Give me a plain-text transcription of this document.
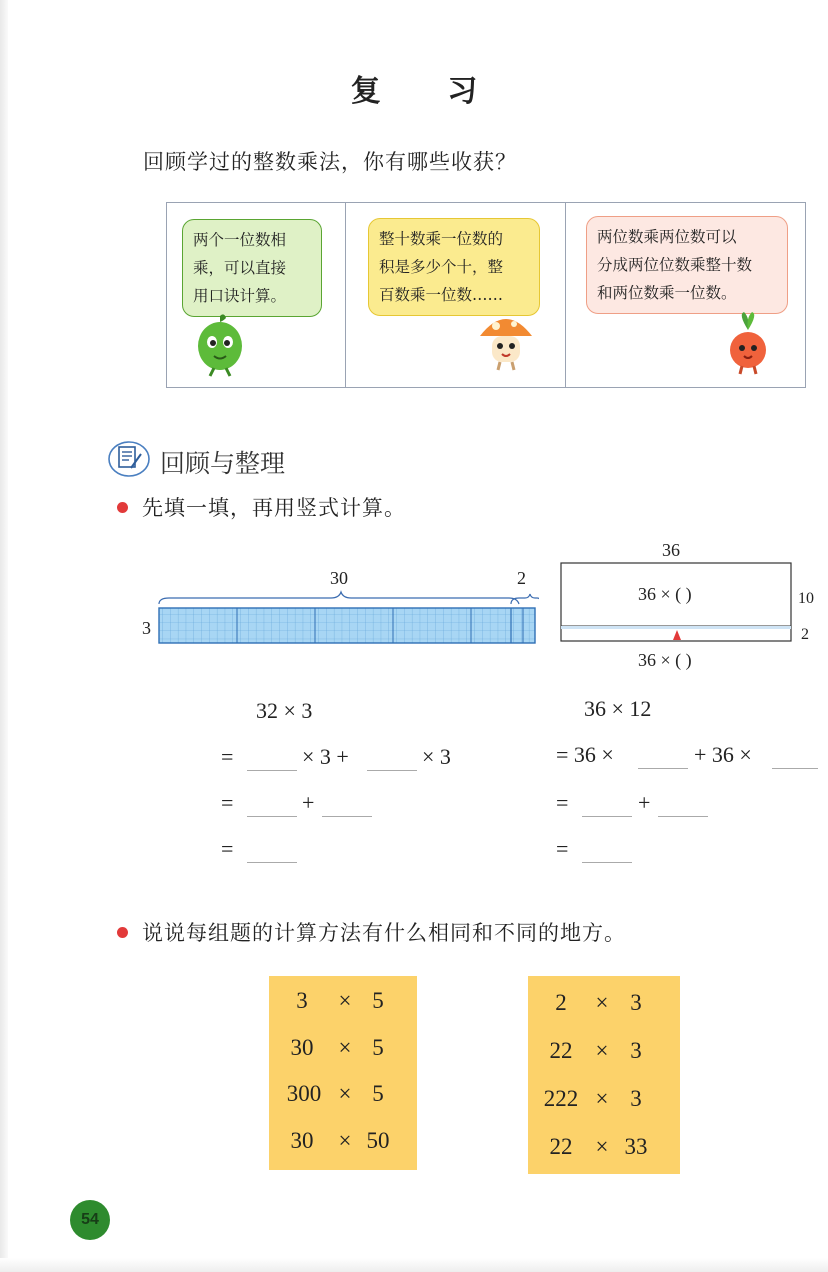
复 习
回顾学过的整数乘法，你有哪些收获？
两个一位数相
乘，可以直接
用口诀计算。
整十数乘一位数的
积是多少个十，整
百数乘一位数……
两位数乘两位数可以
分成两位位数乘整十数
和两位数乘一位数。
回顾与整理
先填一填，再用竖式计算。
30	2
3
36
36 × ( )
36 × ( )
10
2
32 × 3
=	× 3 +	× 3
=	+
=
36 × 12
= 36 ×	+ 36 ×
=	+
=
说说每组题的计算方法有什么相同和不同的地方。
3	× 5
30	× 5
300 × 5
30	× 50
2	× 3
22	× 3
222 × 3
22	× 33
54
